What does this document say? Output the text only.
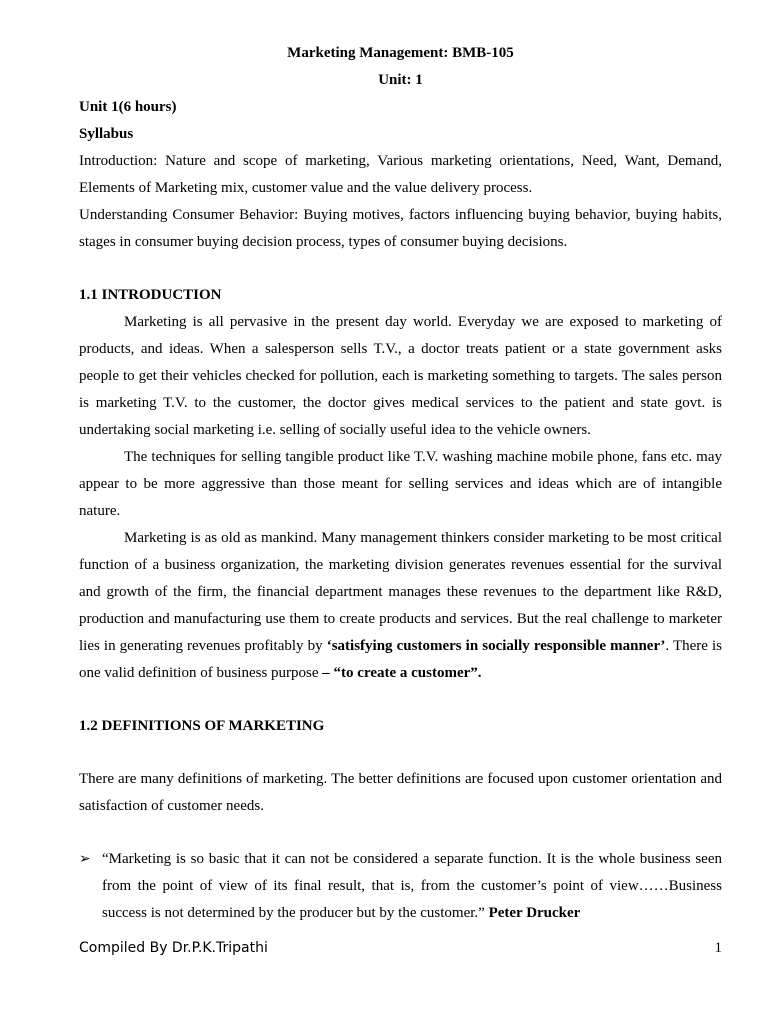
Marketing Management: BMB-105
Unit: 1
Unit 1(6 hours)
Syllabus

Introduction: Nature and scope of marketing, Various marketing orientations, Need, Want, Demand, Elements of Marketing mix, customer value and the value delivery process.

Understanding Consumer Behavior: Buying motives, factors influencing buying behavior, buying habits, stages in consumer buying decision process, types of consumer buying decisions.

1.1 INTRODUCTION

Marketing is all pervasive in the present day world. Everyday we are exposed to marketing of products, and ideas. When a salesperson sells T.V., a doctor treats patient or a state government asks people to get their vehicles checked for pollution, each is marketing something to targets. The sales person is marketing T.V. to the customer, the doctor gives medical services to the patient and state govt. is undertaking social marketing i.e. selling of socially useful idea to the vehicle owners.

The techniques for selling tangible product like T.V. washing machine mobile phone, fans etc. may appear to be more aggressive than those meant for selling services and ideas which are of intangible nature.

Marketing is as old as mankind. Many management thinkers consider marketing to be most critical function of a business organization, the marketing division generates revenues essential for the survival and growth of the firm, the financial department manages these revenues to the department like R&D, production and manufacturing use them to create products and services. But the real challenge to marketer lies in generating revenues profitably by ‘satisfying customers in socially responsible manner’. There is one valid definition of business purpose – “to create a customer”.

1.2 DEFINITIONS OF MARKETING

There are many definitions of marketing. The better definitions are focused upon customer orientation and satisfaction of customer needs.

➢ “Marketing is so basic that it can not be considered a separate function. It is the whole business seen from the point of view of its final result, that is, from the customer’s point of view……Business success is not determined by the producer but by the customer.” Peter Drucker
Compiled By Dr.P.K.Tripathi	1
